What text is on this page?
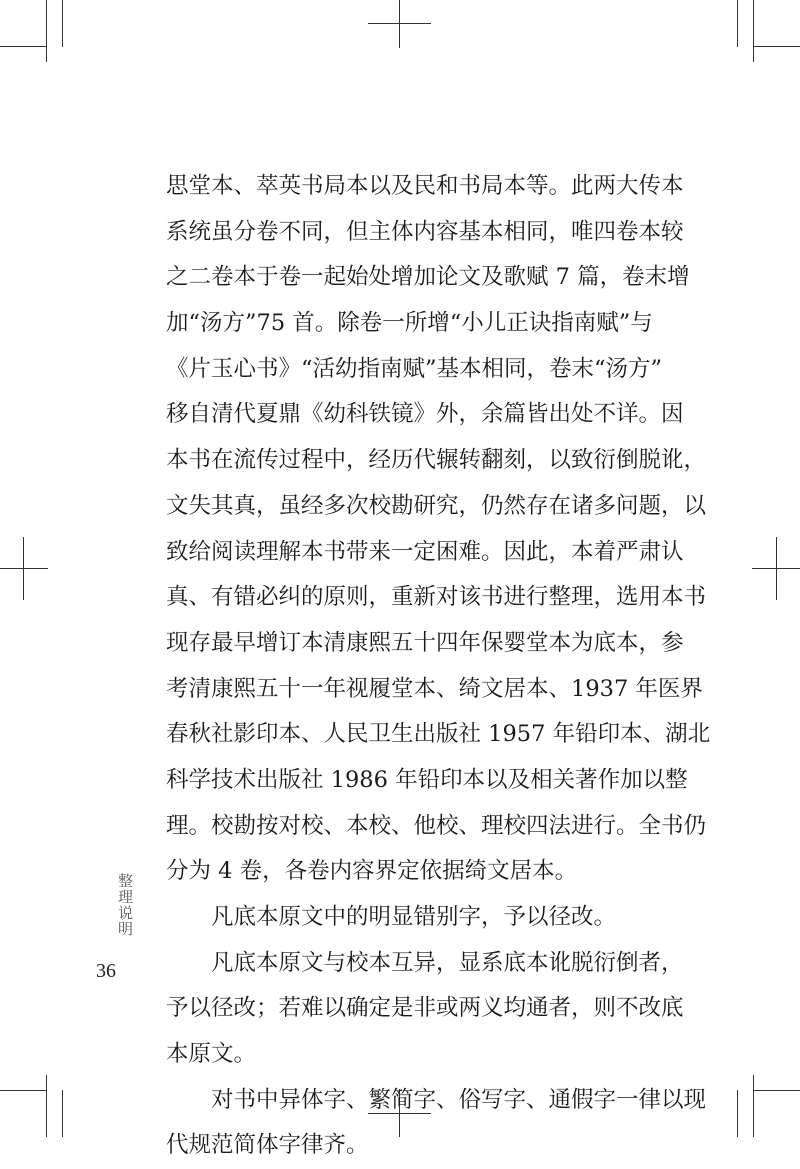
思堂本、萃英书局本以及民和书局本等。此两大传本
系统虽分卷不同，但主体内容基本相同，唯四卷本较
之二卷本于卷一起始处增加论文及歌赋 7 篇，卷末增
加“汤方”75 首。除卷一所增“小儿正诀指南赋”与
《片玉心书》“活幼指南赋”基本相同，卷末“汤方”
移自清代夏鼎《幼科铁镜》外，余篇皆出处不详。因
本书在流传过程中，经历代辗转翻刻，以致衍倒脱讹，
文失其真，虽经多次校勘研究，仍然存在诸多问题，以
致给阅读理解本书带来一定困难。因此，本着严肃认
真、有错必纠的原则，重新对该书进行整理，选用本书
现存最早增订本清康熙五十四年保婴堂本为底本，参
考清康熙五十一年视履堂本、绮文居本、1937 年医界
春秋社影印本、人民卫生出版社 1957 年铅印本、湖北
科学技术出版社 1986 年铅印本以及相关著作加以整
理。校勘按对校、本校、他校、理校四法进行。全书仍
分为 4 卷，各卷内容界定依据绮文居本。
凡底本原文中的明显错别字，予以径改。
凡底本原文与校本互异，显系底本讹脱衍倒者，
予以径改；若难以确定是非或两义均通者，则不改底
本原文。
对书中异体字、繁简字、俗写字、通假字一律以现
代规范简体字律齐。
整理说明
36
